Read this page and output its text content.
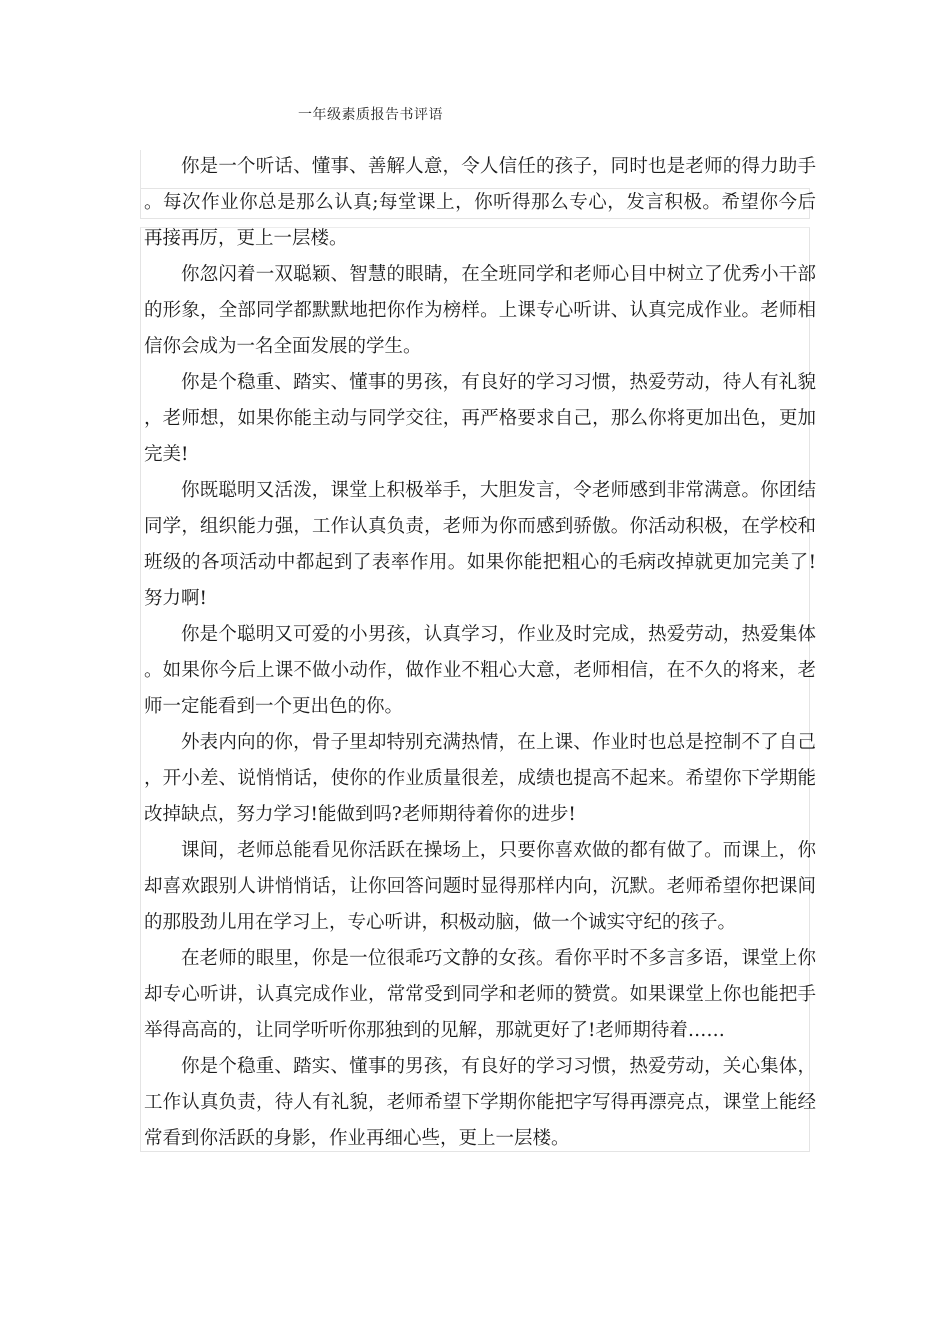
一年级素质报告书评语

你是一个听话、懂事、善解人意，令人信任的孩子，同时也是老师的得力助手。每次作业你总是那么认真;每堂课上，你听得那么专心，发言积极。希望你今后再接再厉，更上一层楼。

你忽闪着一双聪颖、智慧的眼睛，在全班同学和老师心目中树立了优秀小干部的形象，全部同学都默默地把你作为榜样。上课专心听讲、认真完成作业。老师相信你会成为一名全面发展的学生。

你是个稳重、踏实、懂事的男孩，有良好的学习习惯，热爱劳动，待人有礼貌，老师想，如果你能主动与同学交往，再严格要求自己，那么你将更加出色，更加完美!

你既聪明又活泼，课堂上积极举手，大胆发言，令老师感到非常满意。你团结同学，组织能力强，工作认真负责，老师为你而感到骄傲。你活动积极，在学校和班级的各项活动中都起到了表率作用。如果你能把粗心的毛病改掉就更加完美了!努力啊!

你是个聪明又可爱的小男孩，认真学习，作业及时完成，热爱劳动，热爱集体。如果你今后上课不做小动作，做作业不粗心大意，老师相信，在不久的将来，老师一定能看到一个更出色的你。

外表内向的你，骨子里却特别充满热情，在上课、作业时也总是控制不了自己，开小差、说悄悄话，使你的作业质量很差，成绩也提高不起来。希望你下学期能改掉缺点，努力学习!能做到吗?老师期待着你的进步!

课间，老师总能看见你活跃在操场上，只要你喜欢做的都有做了。而课上，你却喜欢跟别人讲悄悄话，让你回答问题时显得那样内向，沉默。老师希望你把课间的那股劲儿用在学习上，专心听讲，积极动脑，做一个诚实守纪的孩子。

在老师的眼里，你是一位很乖巧文静的女孩。看你平时不多言多语，课堂上你却专心听讲，认真完成作业，常常受到同学和老师的赞赏。如果课堂上你也能把手举得高高的，让同学听听你那独到的见解，那就更好了!老师期待着……

你是个稳重、踏实、懂事的男孩，有良好的学习习惯，热爱劳动，关心集体，工作认真负责，待人有礼貌，老师希望下学期你能把字写得再漂亮点，课堂上能经常看到你活跃的身影，作业再细心些，更上一层楼。
